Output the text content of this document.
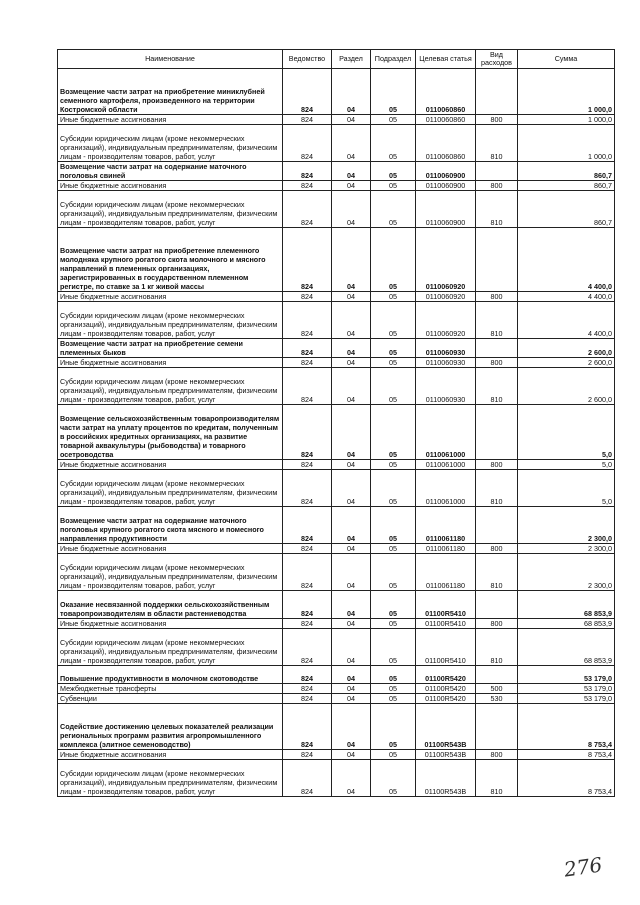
Наименование	Ведомство	Раздел	Подраздел	Целевая статья	Вид расходов	Сумма
Возмещение части затрат на приобретение миниклубней семенного картофеля, произведенного на территории Костромской области	824	04	05	0110060860		1 000,0
Иные бюджетные ассигнования	824	04	05	0110060860	800	1 000,0
Субсидии юридическим лицам (кроме некоммерческих организаций), индивидуальным предпринимателям, физическим лицам - производителям товаров, работ, услуг	824	04	05	0110060860	810	1 000,0
Возмещение части затрат на содержание маточного поголовья свиней	824	04	05	0110060900		860,7
Иные бюджетные ассигнования	824	04	05	0110060900	800	860,7
Субсидии юридическим лицам (кроме некоммерческих организаций), индивидуальным предпринимателям, физическим лицам - производителям товаров, работ, услуг	824	04	05	0110060900	810	860,7
Возмещение части затрат на приобретение племенного молодняка крупного рогатого скота молочного и мясного направлений в племенных организациях, зарегистрированных в государственном племенном регистре, по ставке за 1 кг живой массы	824	04	05	0110060920		4 400,0
Иные бюджетные ассигнования	824	04	05	0110060920	800	4 400,0
Субсидии юридическим лицам (кроме некоммерческих организаций), индивидуальным предпринимателям, физическим лицам - производителям товаров, работ, услуг	824	04	05	0110060920	810	4 400,0
Возмещение части затрат на приобретение семени племенных быков	824	04	05	0110060930		2 600,0
Иные бюджетные ассигнования	824	04	05	0110060930	800	2 600,0
Субсидии юридическим лицам (кроме некоммерческих организаций), индивидуальным предпринимателям, физическим лицам - производителям товаров, работ, услуг	824	04	05	0110060930	810	2 600,0
Возмещение сельскохозяйственным товаропроизводителям части затрат на уплату процентов по кредитам, полученным в российских кредитных организациях, на развитие товарной аквакультуры (рыбоводства) и товарного осетроводства	824	04	05	0110061000		5,0
Иные бюджетные ассигнования	824	04	05	0110061000	800	5,0
Субсидии юридическим лицам (кроме некоммерческих организаций), индивидуальным предпринимателям, физическим лицам - производителям товаров, работ, услуг	824	04	05	0110061000	810	5,0
Возмещение части затрат на содержание маточного поголовья крупного рогатого скота мясного и помесного направления продуктивности	824	04	05	0110061180		2 300,0
Иные бюджетные ассигнования	824	04	05	0110061180	800	2 300,0
Субсидии юридическим лицам (кроме некоммерческих организаций), индивидуальным предпринимателям, физическим лицам - производителям товаров, работ, услуг	824	04	05	0110061180	810	2 300,0
Оказание несвязанной поддержки сельскохозяйственным товаропроизводителям в области растениеводства	824	04	05	01100R5410		68 853,9
Иные бюджетные ассигнования	824	04	05	01100R5410	800	68 853,9
Субсидии юридическим лицам (кроме некоммерческих организаций), индивидуальным предпринимателям, физическим лицам - производителям товаров, работ, услуг	824	04	05	01100R5410	810	68 853,9
Повышение продуктивности в молочном скотоводстве	824	04	05	01100R5420		53 179,0
Межбюджетные трансферты	824	04	05	01100R5420	500	53 179,0
Субвенции	824	04	05	01100R5420	530	53 179,0
Содействие достижению целевых показателей реализации региональных программ развития агропромышленного комплекса (элитное семеноводство)	824	04	05	01100R543B		8 753,4
Иные бюджетные ассигнования	824	04	05	01100R543B	800	8 753,4
Субсидии юридическим лицам (кроме некоммерческих организаций), индивидуальным предпринимателям, физическим лицам - производителям товаров, работ, услуг	824	04	05	01100R543B	810	8 753,4
276
